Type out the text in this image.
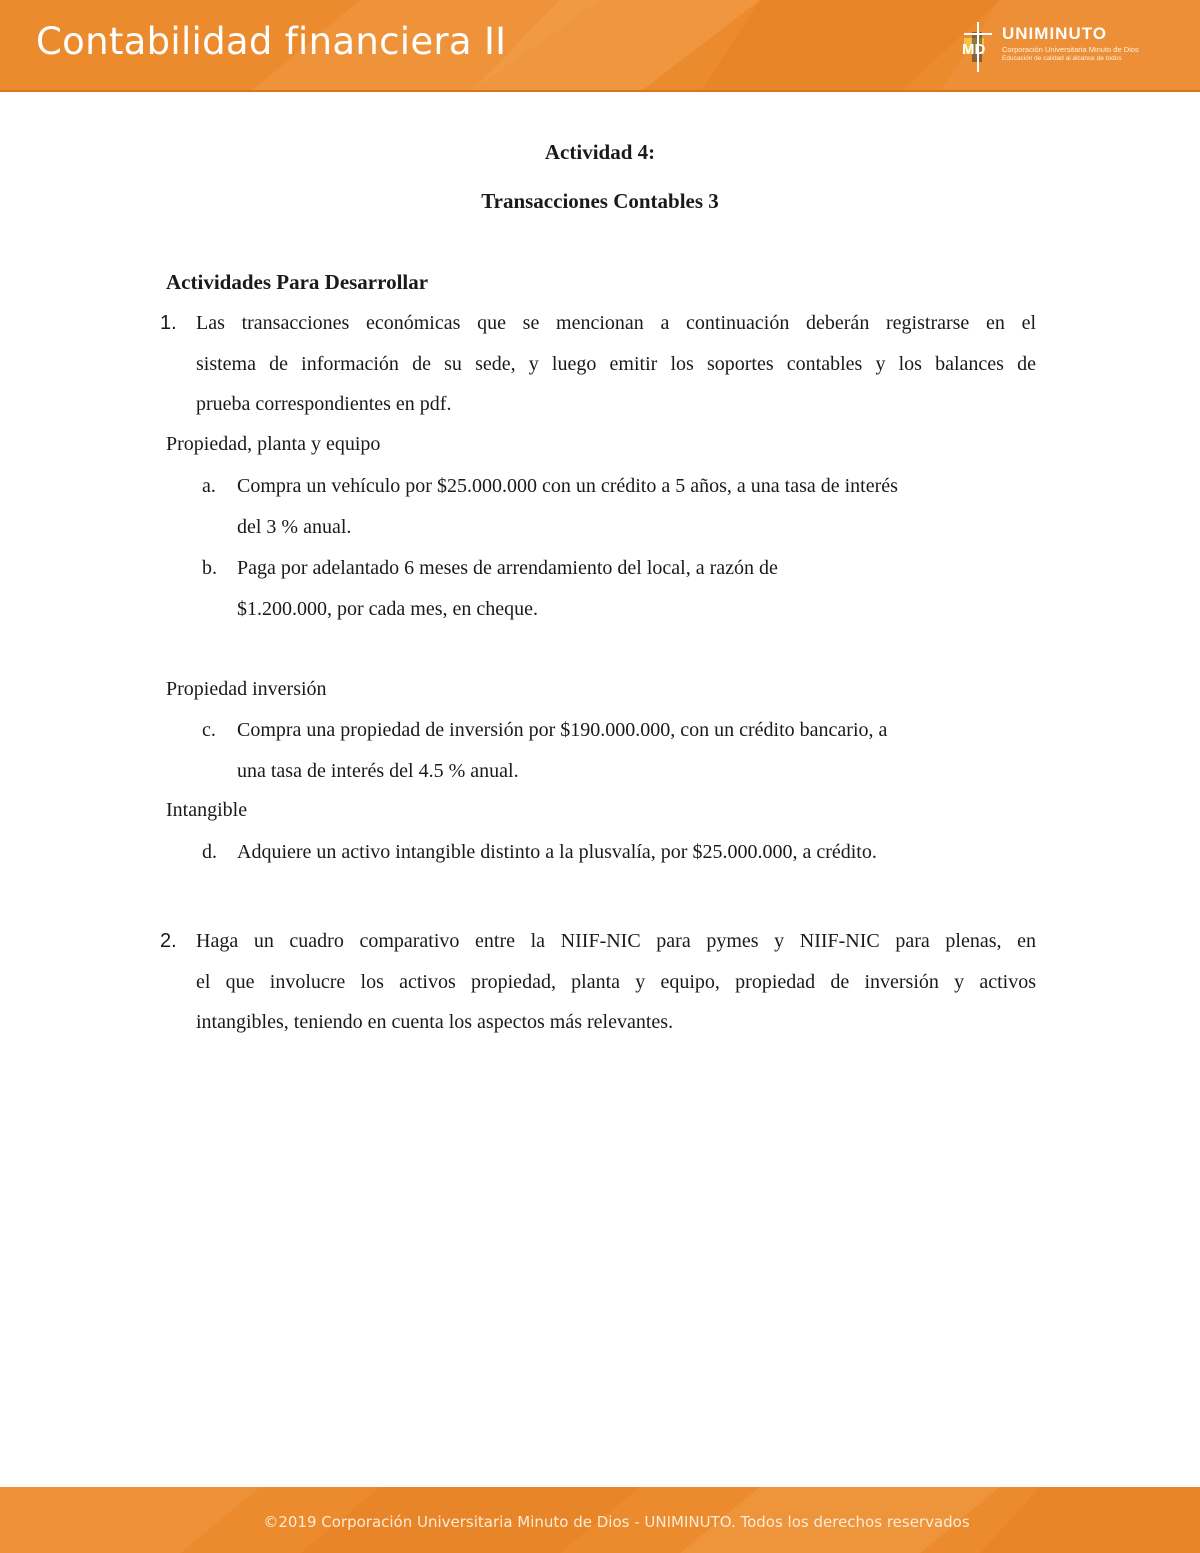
Contabilidad financiera II	MD
UNIMINUTO
Corporación Universitaria Minuto de Dios
Educación de calidad al alcance de todos
Actividad 4:
Transacciones Contables 3
Actividades Para Desarrollar
1. Las transacciones económicas que se mencionan a continuación deberán registrarse en el
sistema de información de su sede, y luego emitir los soportes contables y los balances de
prueba correspondientes en pdf.
Propiedad, planta y equipo
a. Compra un vehículo por $25.000.000 con un crédito a 5 años, a una tasa de interés
del 3 % anual.
b. Paga por adelantado 6 meses de arrendamiento del local, a razón de
$1.200.000, por cada mes, en cheque.
Propiedad inversión
c. Compra una propiedad de inversión por $190.000.000, con un crédito bancario, a
una tasa de interés del 4.5 % anual.
Intangible
d. Adquiere un activo intangible distinto a la plusvalía, por $25.000.000, a crédito.
2. Haga un cuadro comparativo entre la NIIF-NIC para pymes y NIIF-NIC para plenas, en
el que involucre los activos propiedad, planta y equipo, propiedad de inversión y activos
intangibles, teniendo en cuenta los aspectos más relevantes.
©2019 Corporación Universitaria Minuto de Dios - UNIMINUTO. Todos los derechos reservados
